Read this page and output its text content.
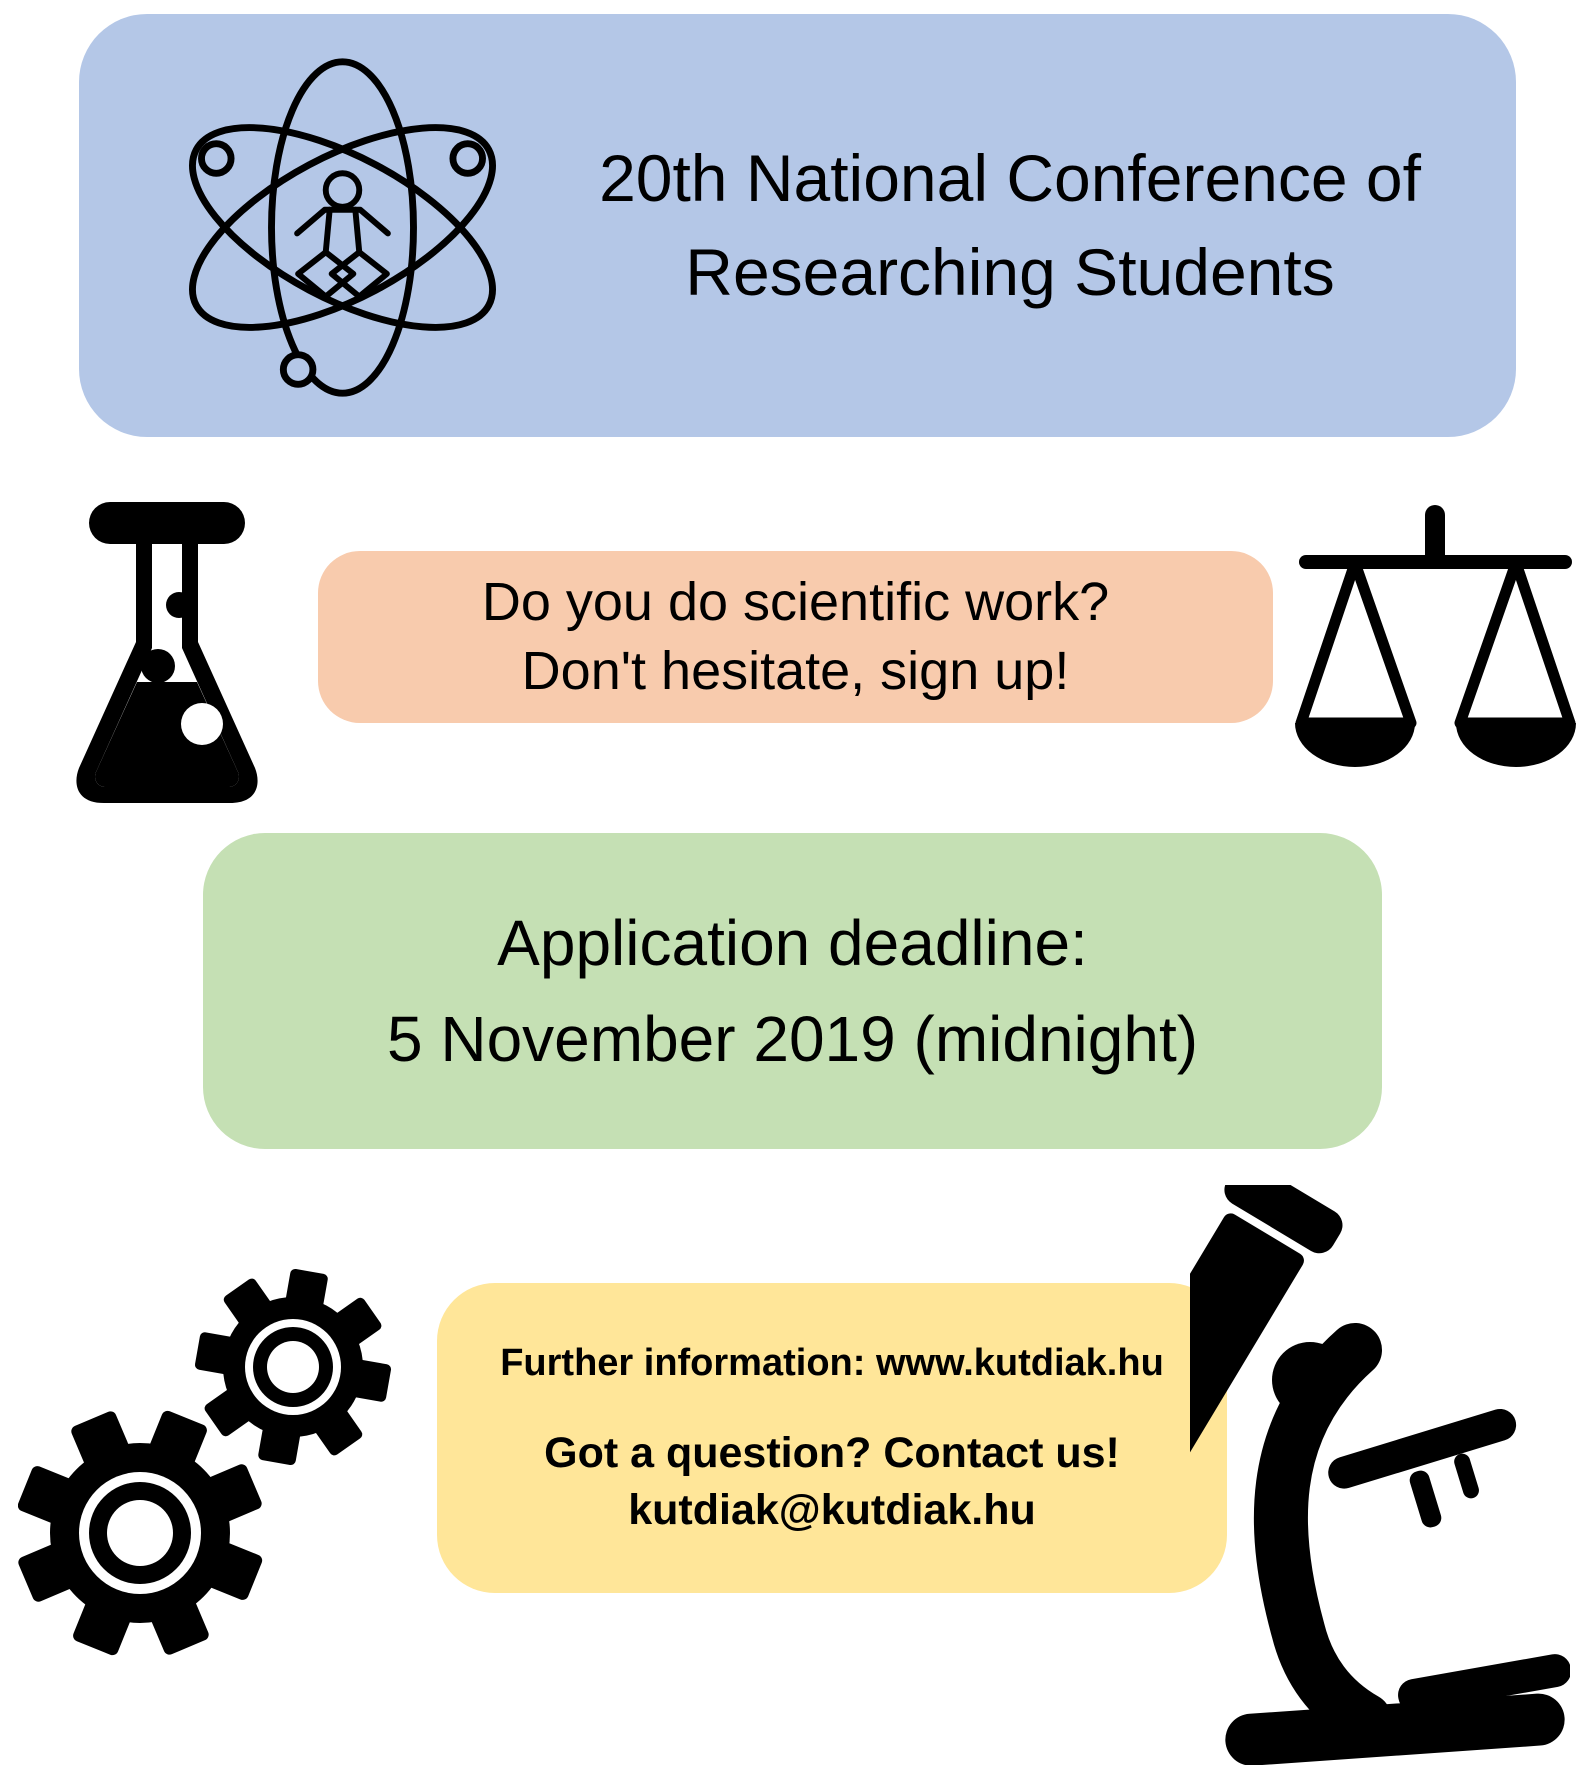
20th National Conference of
Researching Students
Do you do scientific work?
Don't hesitate, sign up!
Application deadline:
5 November 2019 (midnight)
Further information: www.kutdiak.hu
Got a question? Contact us!
kutdiak@kutdiak.hu
